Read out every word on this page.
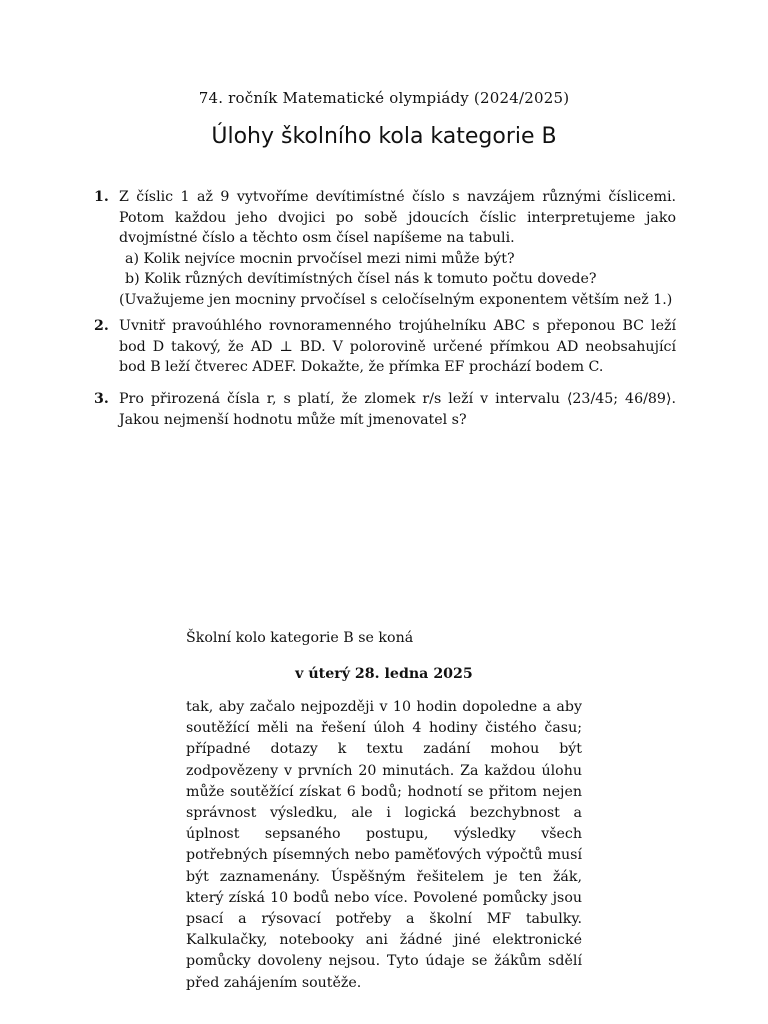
74. ročník Matematické olympiády (2024/2025)
Úlohy školního kola kategorie B
1. Z číslic 1 až 9 vytvoříme devítimístné číslo s navzájem různými číslicemi. Potom každou jeho dvojici po sobě jdoucích číslic interpretujeme jako dvojmístné číslo a těchto osm čísel napíšeme na tabuli.
a) Kolik nejvíce mocnin prvočísel mezi nimi může být?
b) Kolik různých devítimístných čísel nás k tomuto počtu dovede?
(Uvažujeme jen mocniny prvočísel s celočíselným exponentem větším než 1.)
2. Uvnitř pravoúhlého rovnoramenného trojúhelníku ABC s přeponou BC leží bod D takový, že AD ⊥ BD. V polorovině určené přímkou AD neobsahující bod B leží čtverec ADEF. Dokažte, že přímka EF prochází bodem C.
3. Pro přirozená čísla r, s platí, že zlomek r/s leží v intervalu ⟨23/45; 46/89⟩. Jakou nejmenší hodnotu může mít jmenovatel s?
Školní kolo kategorie B se koná
v úterý 28. ledna 2025
tak, aby začalo nejpozději v 10 hodin dopoledne a aby soutěžící měli na řešení úloh 4 hodiny čistého času; případné dotazy k textu zadání mohou být zodpovězeny v prvních 20 minutách. Za každou úlohu může soutěžící získat 6 bodů; hodnotí se přitom nejen správnost výsledku, ale i logická bezchybnost a úplnost sepsaného postupu, výsledky všech potřebných písemných nebo paměťových výpočtů musí být zaznamenány. Úspěšným řešitelem je ten žák, který získá 10 bodů nebo více. Povolené pomůcky jsou psací a rýsovací potřeby a školní MF tabulky. Kalkulačky, notebooky ani žádné jiné elektronické pomůcky dovoleny nejsou. Tyto údaje se žákům sdělí před zahájením soutěže.
